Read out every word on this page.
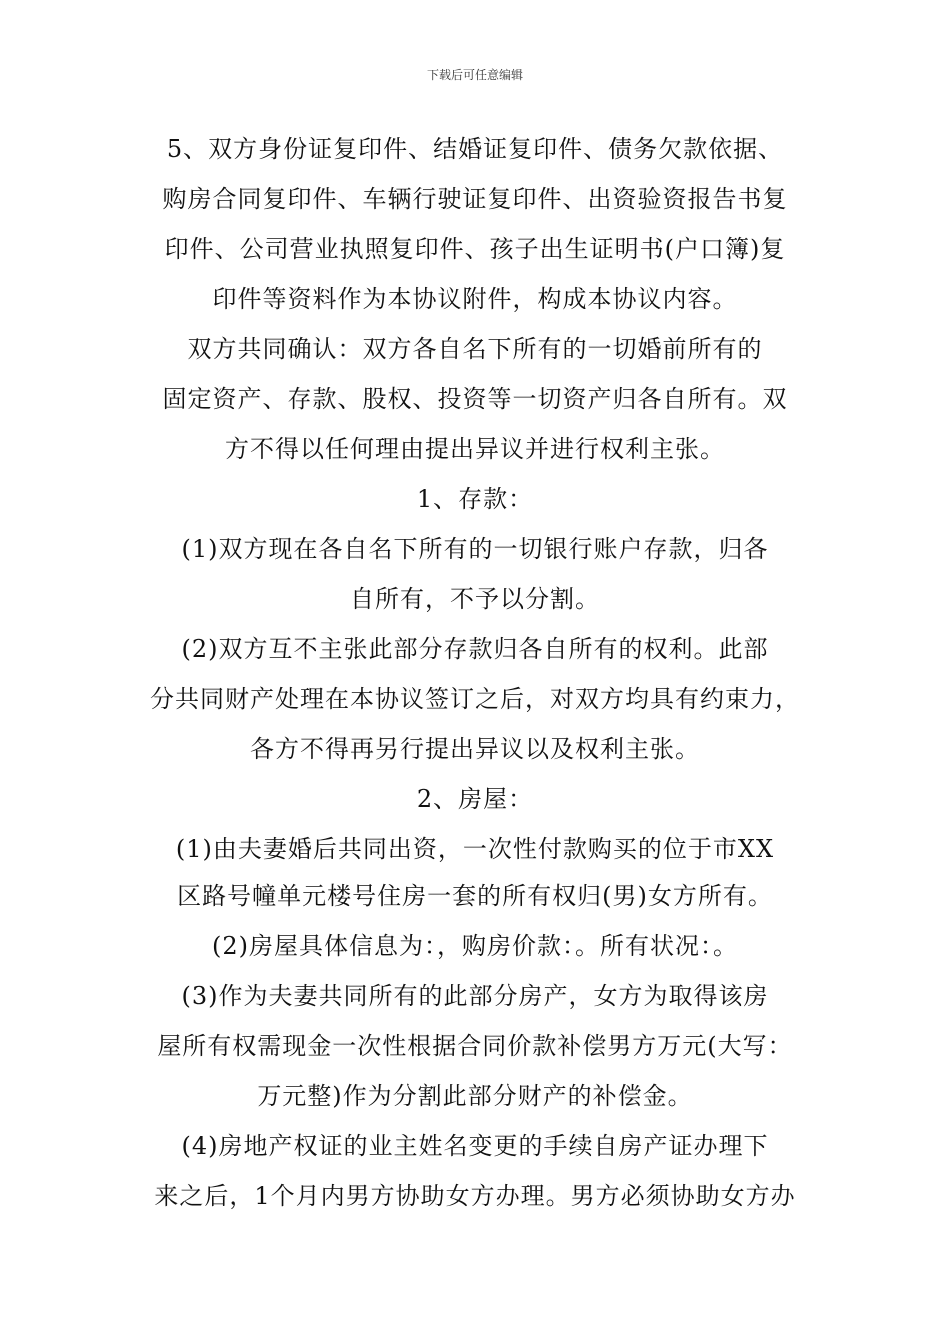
下载后可任意编辑
5、双方身份证复印件、结婚证复印件、债务欠款依据、
购房合同复印件、车辆行驶证复印件、出资验资报告书复
印件、公司营业执照复印件、孩子出生证明书(户口簿)复
印件等资料作为本协议附件，构成本协议内容。
双方共同确认：双方各自名下所有的一切婚前所有的
固定资产、存款、股权、投资等一切资产归各自所有。双
方不得以任何理由提出异议并进行权利主张。
1、存款：
(1)双方现在各自名下所有的一切银行账户存款，归各
自所有，不予以分割。
(2)双方互不主张此部分存款归各自所有的权利。此部
分共同财产处理在本协议签订之后，对双方均具有约束力，
各方不得再另行提出异议以及权利主张。
2、房屋：
(1)由夫妻婚后共同出资，一次性付款购买的位于市XX
区路号幢单元楼号住房一套的所有权归(男)女方所有。
(2)房屋具体信息为：，购房价款：。所有状况：。
(3)作为夫妻共同所有的此部分房产，女方为取得该房
屋所有权需现金一次性根据合同价款补偿男方万元(大写：
万元整)作为分割此部分财产的补偿金。
(4)房地产权证的业主姓名变更的手续自房产证办理下
来之后，1个月内男方协助女方办理。男方必须协助女方办
